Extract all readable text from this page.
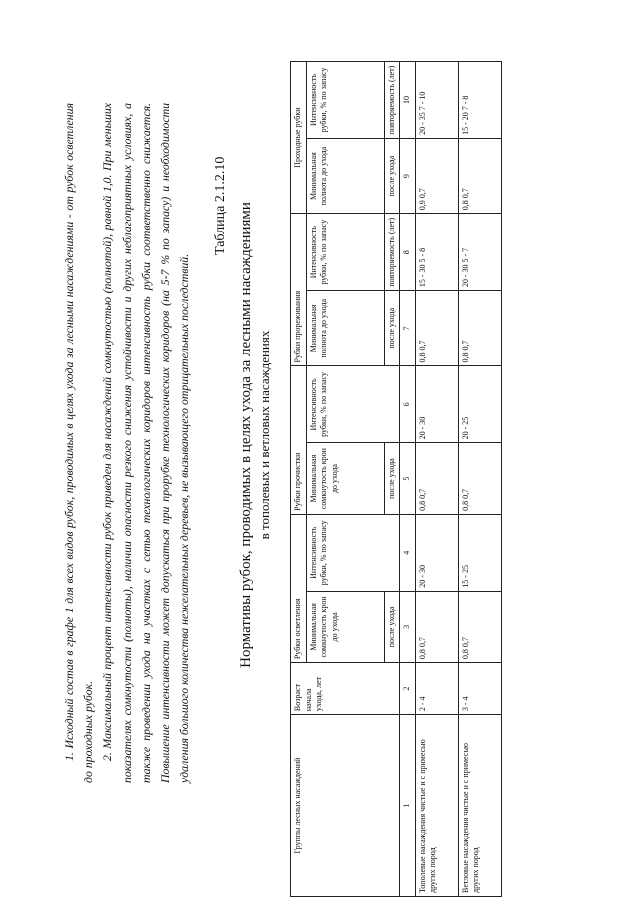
1. Исходный состав в графе 1 для всех видов рубок, проводимых в целях ухода за лесными насаждениями - от рубок осветления до проходных рубок. 2. Максимальный процент интенсивности рубок приведен для насаждений сомкнутостью (полнотой), равной 1,0. При меньших показателях сомкнутости (полноты), наличии опасности резкого снижения устойчивости и других неблагоприятных условиях, а также проведении ухода на участках с сетью технологических коридоров интенсивность рубки соответственно снижается. Повышение интенсивности может допускаться при прорубке технологических коридоров (на 5-7 % по запасу) и необходимости удаления большого количества нежелательных деревьев, не вызывающего отрицательных последствий.

Таблица 2.1.2.10 Нормативы рубок, проводимых в целях ухода за лесными насаждениями в тополевых и ветловых насаждениях
Группы лесных насаждений	Возраст начала ухода, лет	Рубки осветления		Рубки прочистки		Рубки прореживания		Проходные рубки	
		Минимальная сомкнутость крон до ухода	Интенсивность рубки, % по запасу	Минимальная сомкнутость крон до ухода	Интенсивность рубки, % по запасу	Минимальная полнота до ухода	Интенсивность рубки, % по запасу	Минимальная полнота до ухода	Интенсивность рубки, % по запасу
		после ухода		после ухода		после ухода	повторяемость (лет)	после ухода	повторяемость (лет)
1	2	3	4	5	6	7	8	9	10
Тополевые насаждения чистые и с примесью других пород	2 - 4	0,8 0,7	20 - 30	0,8 0,7	20 - 30	0,8 0,7	15 - 30 5 - 8	0,9 0,7	20 - 35 7 - 10
Ветловые насаждения чистые и с примесью других пород	3 - 4	0,8 0,7	15 - 25	0,8 0,7	20 - 25	0,8 0,7	20 - 30 5 - 7	0,8 0,7	15 - 20 7 - 8
